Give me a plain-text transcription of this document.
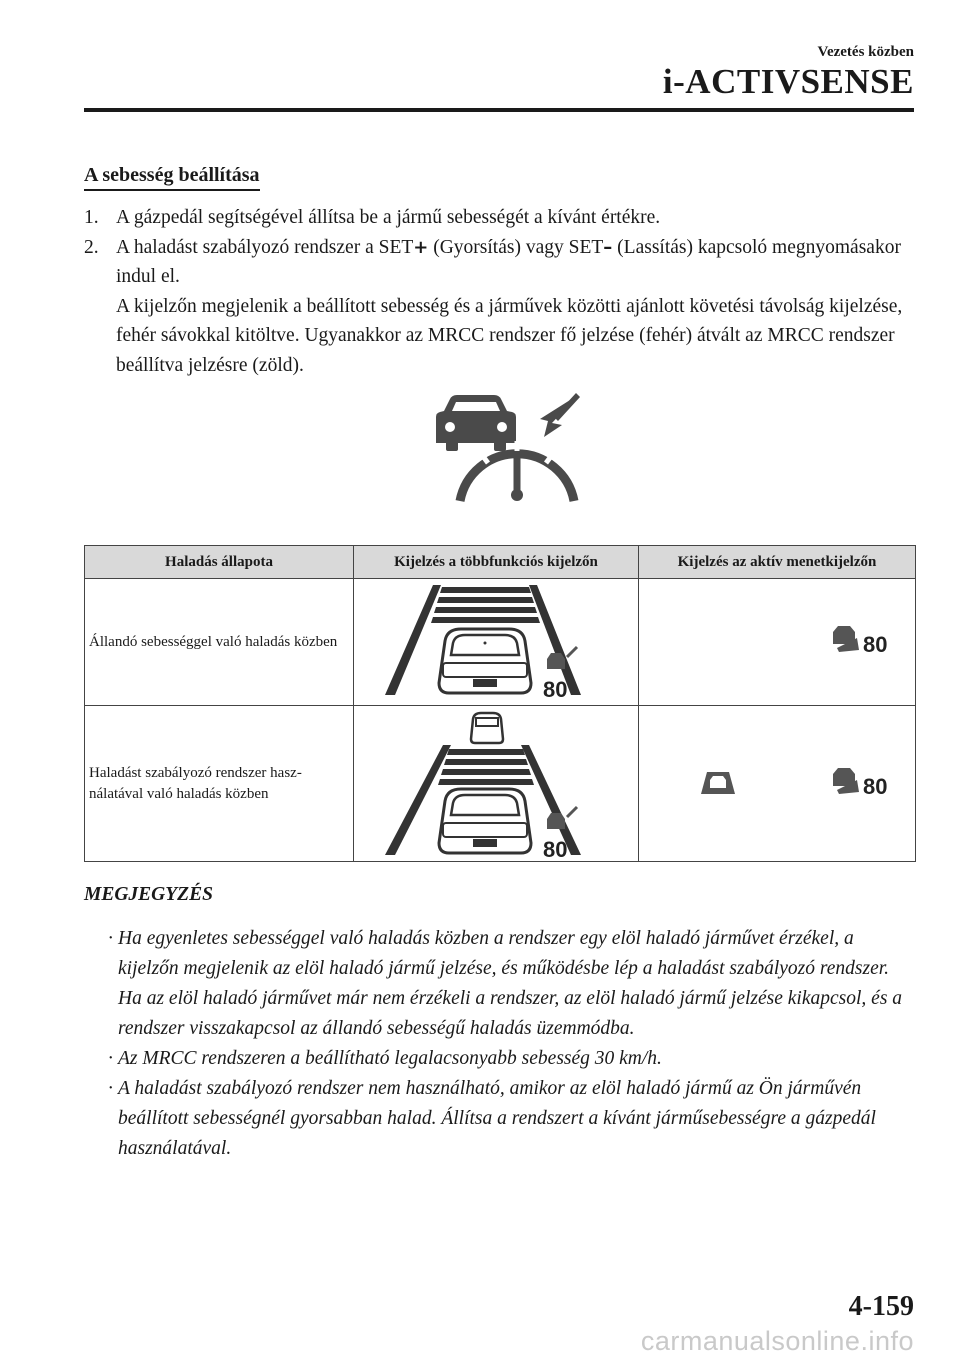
Vezetés közben
i-ACTIVSENSE
A sebesség beállítása
1. A gázpedál segítségével állítsa be a jármű sebességét a kívánt értékre.

2. A haladást szabályozó rendszer a SET+ (Gyorsítás) vagy SET– (Lassítás) kapcsoló megnyomásakor indul el.

A kijelzőn megjelenik a beállított sebesség és a járművek közötti ajánlott követési távolság kijelzése, fehér sávokkal kitöltve. Ugyanakkor az MRCC rendszer fő jelzése (fehér) átvált az MRCC rendszer beállítva jelzésre (zöld).

Haladás állapota	Kijelzés a többfunkciós kijelzőn	Kijelzés az aktív menetkijelzőn
Állandó sebességgel való haladás közben	80	80

Haladást szabályozó rendszer hasz-nálatával való haladás közben	80	80
MEGJEGYZÉS
· Ha egyenletes sebességgel való haladás közben a rendszer egy elöl haladó járművet érzékel, a kijelzőn megjelenik az elöl haladó jármű jelzése, és működésbe lép a haladást szabályozó rendszer. Ha az elöl haladó járművet már nem érzékeli a rendszer, az elöl haladó jármű jelzése kikapcsol, és a rendszer visszakapcsol az állandó sebességű haladás üzemmódba.
· Az MRCC rendszeren a beállítható legalacsonyabb sebesség 30 km/h.
· A haladást szabályozó rendszer nem használható, amikor az elöl haladó jármű az Ön járművén beállított sebességnél gyorsabban halad. Állítsa a rendszert a kívánt járműsebességre a gázpedál használatával.
4-159
carmanualsonline.info
